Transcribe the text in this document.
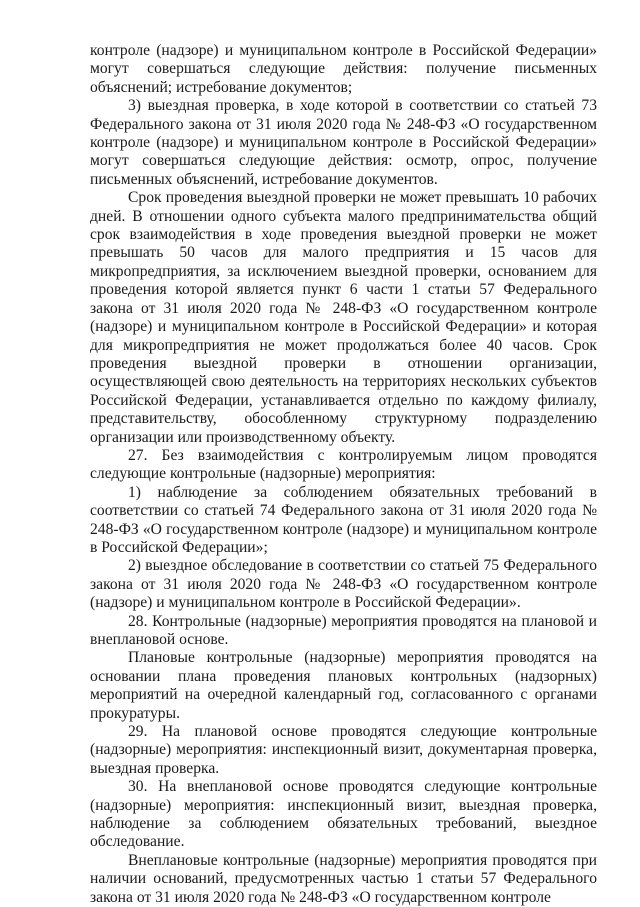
контроле (надзоре) и муниципальном контроле в Российской Федерации» могут совершаться следующие действия: получение письменных объяснений; истребование документов;

3) выездная проверка, в ходе которой в соответствии со статьей 73 Федерального закона от 31 июля 2020 года № 248-ФЗ «О государственном контроле (надзоре) и муниципальном контроле в Российской Федерации» могут совершаться следующие действия: осмотр, опрос, получение письменных объяснений, истребование документов.

Срок проведения выездной проверки не может превышать 10 рабочих дней. В отношении одного субъекта малого предпринимательства общий срок взаимодействия в ходе проведения выездной проверки не может превышать 50 часов для малого предприятия и 15 часов для микропредприятия, за исключением выездной проверки, основанием для проведения которой является пункт 6 части 1 статьи 57 Федерального закона от 31 июля 2020 года № 248-ФЗ «О государственном контроле (надзоре) и муниципальном контроле в Российской Федерации» и которая для микропредприятия не может продолжаться более 40 часов. Срок проведения выездной проверки в отношении организации, осуществляющей свою деятельность на территориях нескольких субъектов Российской Федерации, устанавливается отдельно по каждому филиалу, представительству, обособленному структурному подразделению организации или производственному объекту.

27. Без взаимодействия с контролируемым лицом проводятся следующие контрольные (надзорные) мероприятия:

1) наблюдение за соблюдением обязательных требований в соответствии со статьей 74 Федерального закона от 31 июля 2020 года № 248-ФЗ «О государственном контроле (надзоре) и муниципальном контроле в Российской Федерации»;

2) выездное обследование в соответствии со статьей 75 Федерального закона от 31 июля 2020 года № 248-ФЗ «О государственном контроле (надзоре) и муниципальном контроле в Российской Федерации».

28. Контрольные (надзорные) мероприятия проводятся на плановой и внеплановой основе.

Плановые контрольные (надзорные) мероприятия проводятся на основании плана проведения плановых контрольных (надзорных) мероприятий на очередной календарный год, согласованного с органами прокуратуры.

29. На плановой основе проводятся следующие контрольные (надзорные) мероприятия: инспекционный визит, документарная проверка, выездная проверка.

30. На внеплановой основе проводятся следующие контрольные (надзорные) мероприятия: инспекционный визит, выездная проверка, наблюдение за соблюдением обязательных требований, выездное обследование.

Внеплановые контрольные (надзорные) мероприятия проводятся при наличии оснований, предусмотренных частью 1 статьи 57 Федерального закона от 31 июля 2020 года № 248-ФЗ «О государственном контроле
